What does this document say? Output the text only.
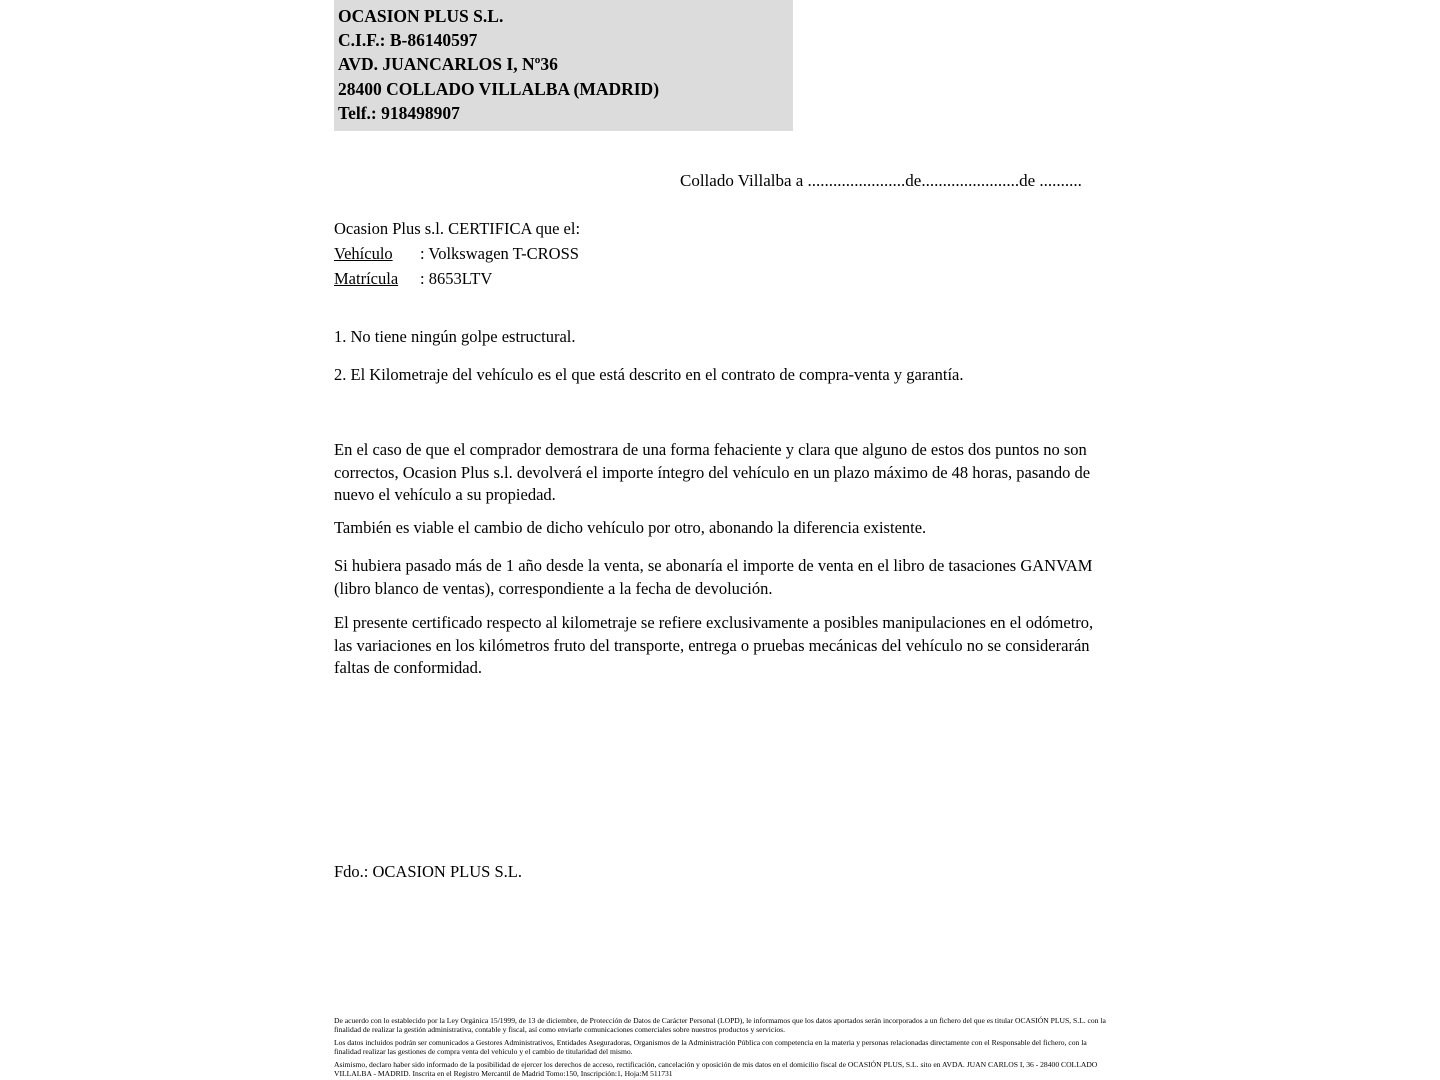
OCASION PLUS S.L.
C.I.F.: B-86140597
AVD. JUANCARLOS I, Nº36
28400 COLLADO VILLALBA (MADRID)
Telf.: 918498907
Collado Villalba a .......................de.......................de ..........
Ocasion Plus s.l. CERTIFICA que el:
Vehículo	: Volkswagen T-CROSS
Matrícula	: 8653LTV
1. No tiene ningún golpe estructural.
2. El Kilometraje del vehículo es el que está descrito en el contrato de compra-venta y garantía.
En el caso de que el comprador demostrara de una forma fehaciente y clara que alguno de estos dos puntos no son correctos, Ocasion Plus s.l. devolverá el importe íntegro del vehículo en un plazo máximo de 48 horas, pasando de nuevo el vehículo a su propiedad.
También es viable el cambio de dicho vehículo por otro, abonando la diferencia existente.
Si hubiera pasado más de 1 año desde la venta, se abonaría el importe de venta en el libro de tasaciones GANVAM (libro blanco de ventas), correspondiente a la fecha de devolución.
El presente certificado respecto al kilometraje se refiere exclusivamente a posibles manipulaciones en el odómetro, las variaciones en los kilómetros fruto del transporte, entrega o pruebas mecánicas del vehículo no se considerarán faltas de conformidad.
Fdo.: OCASION PLUS S.L.

De acuerdo con lo establecido por la Ley Orgánica 15/1999, de 13 de diciembre, de Protección de Datos de Carácter Personal (LOPD), le informamos que los datos aportados serán incorporados a un fichero del que es titular OCASIÓN PLUS, S.L. con la finalidad de realizar la gestión administrativa, contable y fiscal, así como enviarle comunicaciones comerciales sobre nuestros productos y servicios.

Los datos incluidos podrán ser comunicados a Gestores Administrativos, Entidades Aseguradoras, Organismos de la Administración Pública con competencia en la materia y personas relacionadas directamente con el Responsable del fichero, con la finalidad realizar las gestiones de compra venta del vehículo y el cambio de titularidad del mismo.

Asimismo, declaro haber sido informado de la posibilidad de ejercer los derechos de acceso, rectificación, cancelación y oposición de mis datos en el domicilio fiscal de OCASIÓN PLUS, S.L. sito en AVDA. JUAN CARLOS I, 36 - 28400 COLLADO VILLALBA - MADRID. Inscrita en el Registro Mercantil de Madrid Tomo:150, Inscripción:1, Hoja:M 511731
